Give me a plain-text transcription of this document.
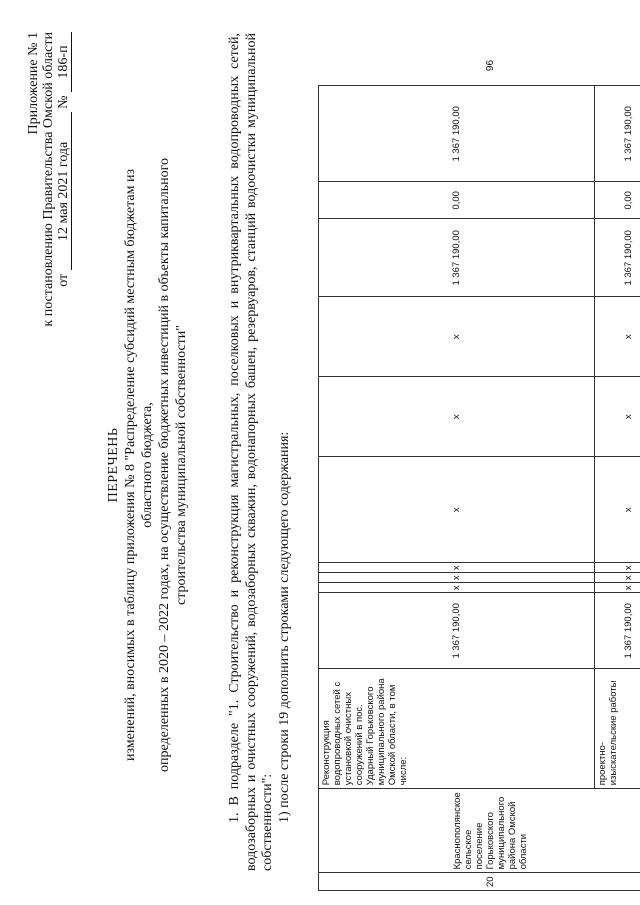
Приложение № 1 к постановлению Правительства Омской области от 12 мая 2021 года № 186-п
ПЕРЕЧЕНЬ изменений, вносимых в таблицу приложения № 8 "Распределение субсидий местным бюджетам из областного бюджета, определенных в 2020 – 2022 годах, на осуществление бюджетных инвестиций в объекты капитального строительства муниципальной собственности"	1. В подразделе "1. Строительство и реконструкция магистральных, поселковых и внутриквартальных водопроводных сетей, водозаборных и очистных сооружений, водозаборных скважин, водонапорных башен, резервуаров, станций водоочистки муниципальной собственности": 1) после строки 19 дополнить строками следующего содержания:

20	Краснополянское сельское поселение Горьковского муниципального района Омской области	Реконструкция водопроводных сетей с установкой очистных сооружений в пос. Ударный Горьковского муниципального района Омской области, в том числе:	1 367 190,00	x	x	x	x	x	x	1 367 190,00	0,00	1 367 190,00	96
		проектно-изыскательские работы	1 367 190,00	x	x	x	x	x	x	1 367 190,00	0,00	1 367 190,00	
